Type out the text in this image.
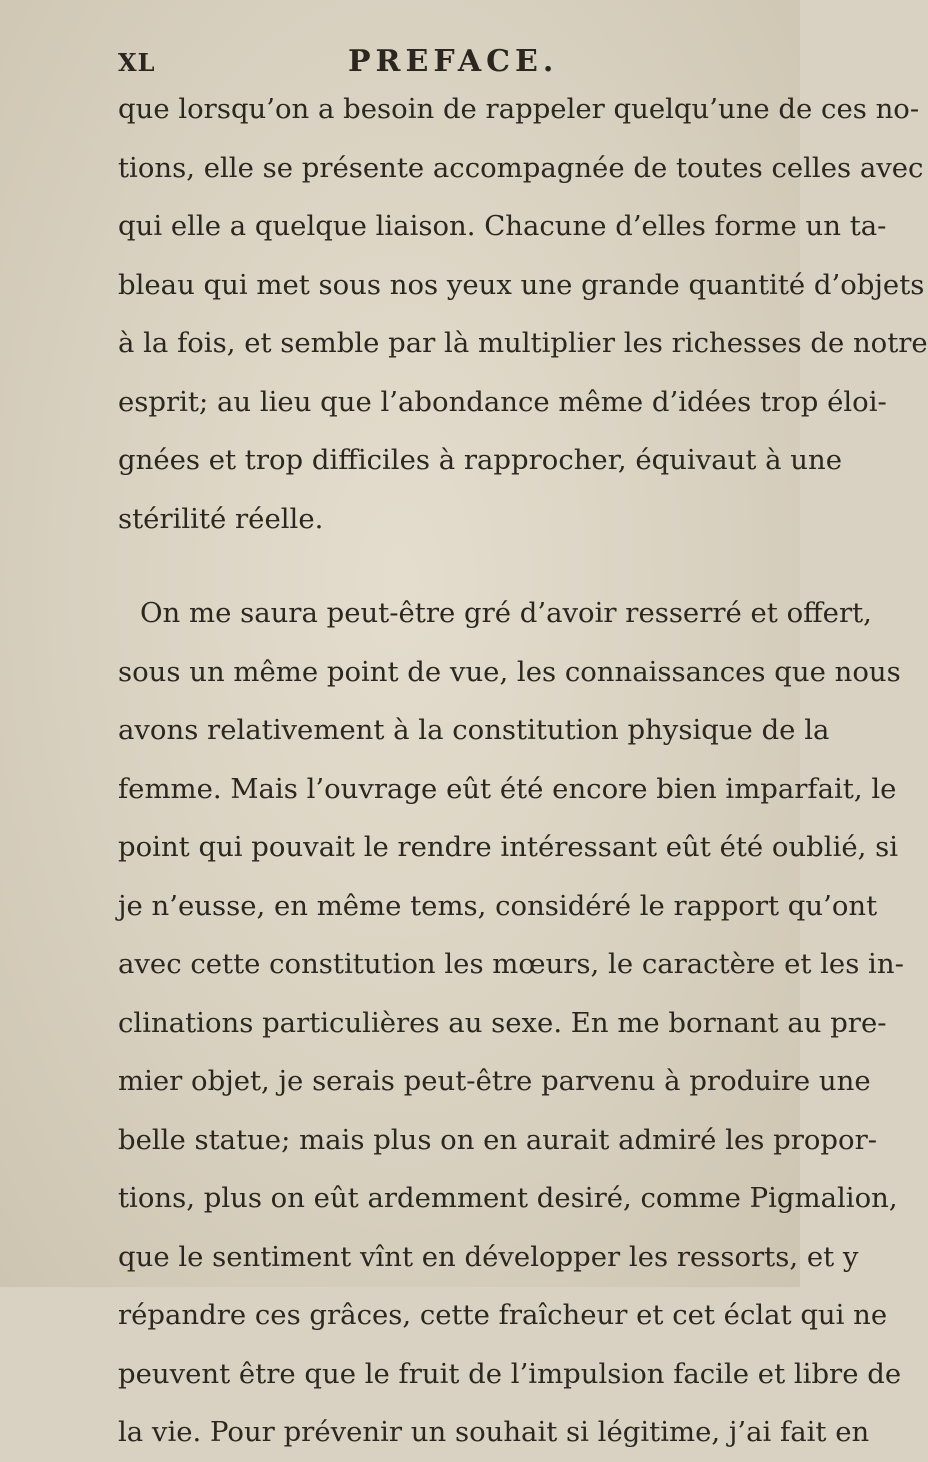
XL	PREFACE.
que lorsqu’on a besoin de rappeler quelqu’une de ces no-
tions, elle se présente accompagnée de toutes celles avec
qui elle a quelque liaison. Chacune d’elles forme un ta-
bleau qui met sous nos yeux une grande quantité d’objets
à la fois, et semble par là multiplier les richesses de notre
esprit; au lieu que l’abondance même d’idées trop éloi-
gnées et trop difficiles à rapprocher, équivaut à une
stérilité réelle.
On me saura peut-être gré d’avoir resserré et offert,
sous un même point de vue, les connaissances que nous
avons relativement à la constitution physique de la
femme. Mais l’ouvrage eût été encore bien imparfait, le
point qui pouvait le rendre intéressant eût été oublié, si
je n’eusse, en même tems, considéré le rapport qu’ont
avec cette constitution les mœurs, le caractère et les in-
clinations particulières au sexe. En me bornant au pre-
mier objet, je serais peut-être parvenu à produire une
belle statue; mais plus on en aurait admiré les propor-
tions, plus on eût ardemment desiré, comme Pigmalion,
que le sentiment vînt en développer les ressorts, et y
répandre ces grâces, cette fraîcheur et cet éclat qui ne
peuvent être que le fruit de l’impulsion facile et libre de
la vie. Pour prévenir un souhait si légitime, j’ai fait en
